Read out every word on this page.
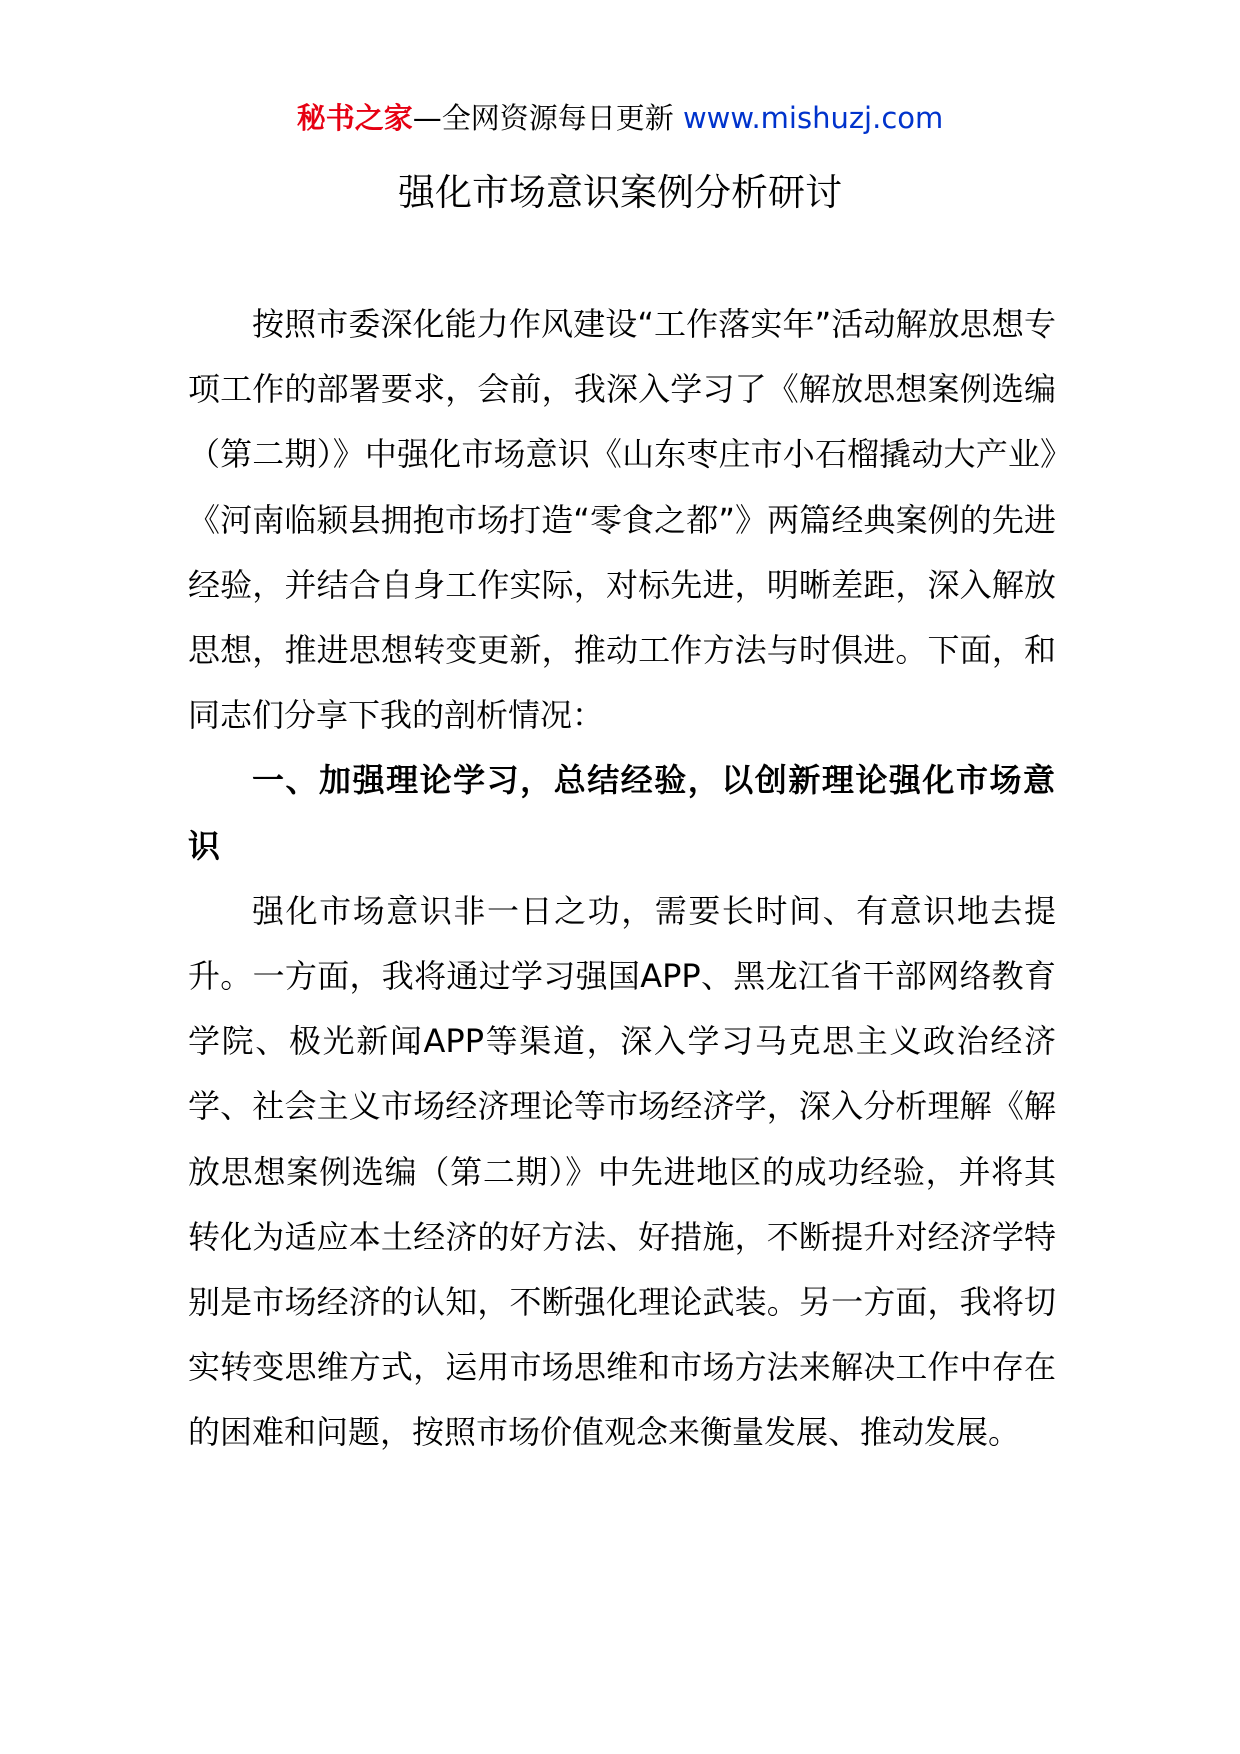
秘书之家—全网资源每日更新 www.mishuzj.com
强化市场意识案例分析研讨

按照市委深化能力作风建设“工作落实年”活动解放思想专项工作的部署要求，会前，我深入学习了《解放思想案例选编（第二期）》中强化市场意识《山东枣庄市小石榴撬动大产业》《河南临颍县拥抱市场打造“零食之都”》两篇经典案例的先进经验，并结合自身工作实际，对标先进，明晰差距，深入解放思想，推进思想转变更新，推动工作方法与时俱进。下面，和同志们分享下我的剖析情况：

一、加强理论学习，总结经验，以创新理论强化市场意识

强化市场意识非一日之功，需要长时间、有意识地去提升。一方面，我将通过学习强国APP、黑龙江省干部网络教育学院、极光新闻APP等渠道，深入学习马克思主义政治经济学、社会主义市场经济理论等市场经济学，深入分析理解《解放思想案例选编（第二期）》中先进地区的成功经验，并将其转化为适应本土经济的好方法、好措施，不断提升对经济学特别是市场经济的认知，不断强化理论武装。另一方面，我将切实转变思维方式，运用市场思维和市场方法来解决工作中存在的困难和问题，按照市场价值观念来衡量发展、推动发展。
